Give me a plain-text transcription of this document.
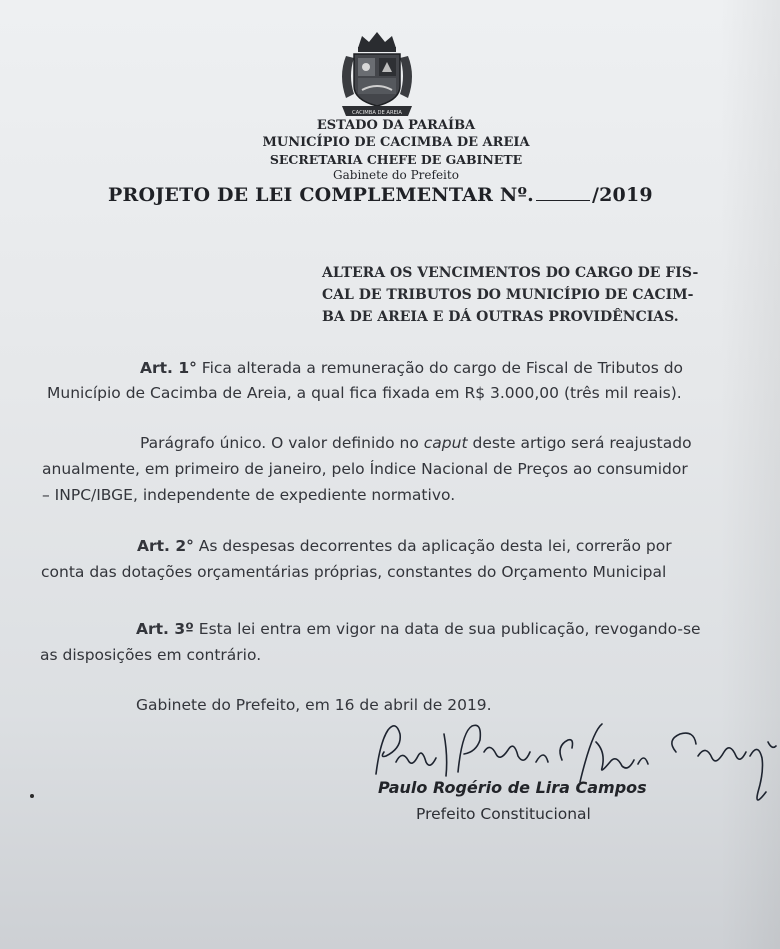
CACIMBA DE AREIA
ESTADO DA PARAÍBA
MUNICÍPIO DE CACIMBA DE AREIA
SECRETARIA CHEFE DE GABINETE
Gabinete do Prefeito
PROJETO DE LEI COMPLEMENTAR Nº.	/2019
ALTERA OS VENCIMENTOS DO CARGO DE FIS-
CAL DE TRIBUTOS DO MUNICÍPIO DE CACIM-
BA DE AREIA E DÁ OUTRAS PROVIDÊNCIAS.
Art. 1° Fica alterada a remuneração do cargo de Fiscal de Tributos do
Município de Cacimba de Areia, a qual fica fixada em R$ 3.000,00 (três mil reais).
Parágrafo único. O valor definido no caput deste artigo será reajustado
anualmente, em primeiro de janeiro, pelo Índice Nacional de Preços ao consumidor
– INPC/IBGE, independente de expediente normativo.
Art. 2° As despesas decorrentes da aplicação desta lei, correrão por
conta das dotações orçamentárias próprias, constantes do Orçamento Municipal
Art. 3º Esta lei entra em vigor na data de sua publicação, revogando-se
as disposições em contrário.
Gabinete do Prefeito, em 16 de abril de 2019.
Paulo Rogério de Lira Campos
Prefeito Constitucional
